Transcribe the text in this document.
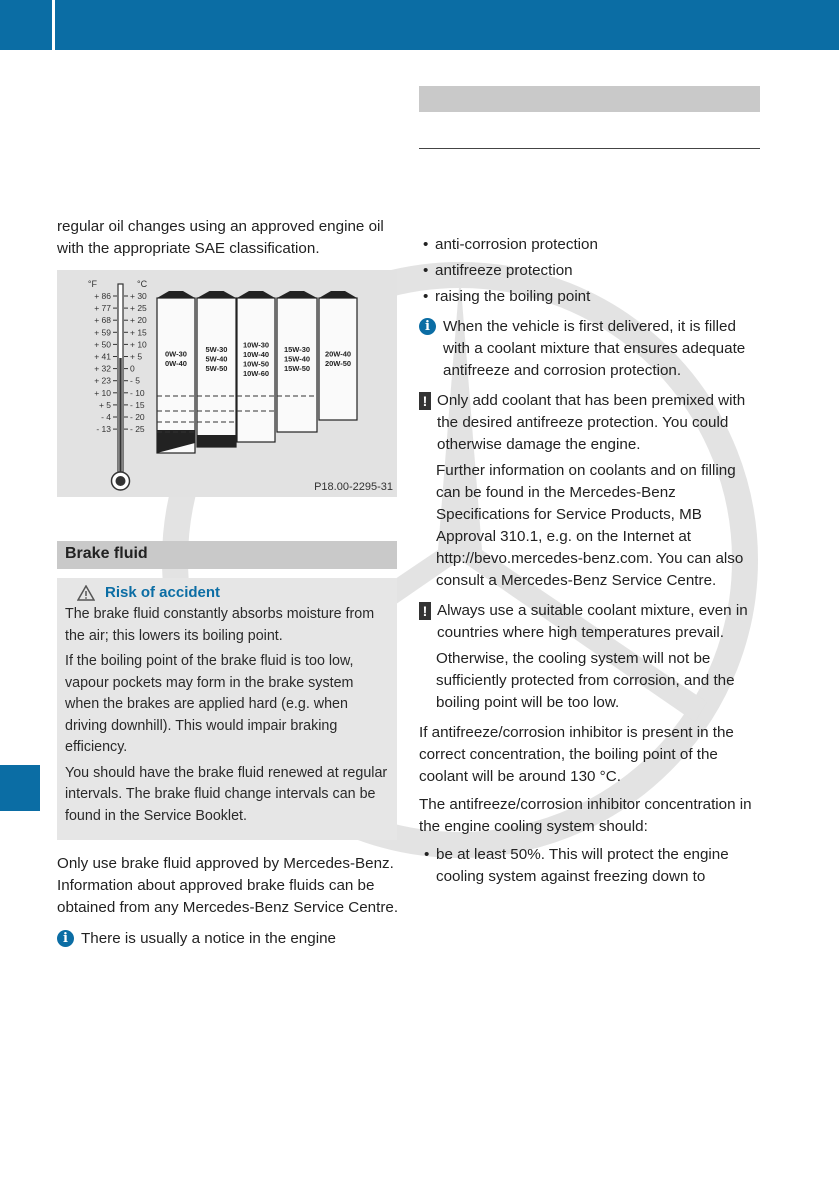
regular oil changes using an approved engine oil with the appropriate SAE classification.

°F	°C
+ 86
+ 77
+ 68
+ 59
+ 50
+ 41
+ 32
+ 23
+ 10
+ 5
- 4
- 13
+ 30
+ 25
+ 20
+ 15
+ 10
+ 5
0
- 5
- 10
- 15
- 20
- 25
0W-30
0W-40
5W-30
5W-40
5W-50
10W-30
10W-40
10W-50
10W-60
15W-30
15W-40
15W-50
20W-40
20W-50
P18.00-2295-31
Brake fluid
Risk of accident

The brake fluid constantly absorbs moisture from the air; this lowers its boiling point.

If the boiling point of the brake fluid is too low, vapour pockets may form in the brake system when the brakes are applied hard (e.g. when driving downhill). This would impair braking efficiency.

You should have the brake fluid renewed at regular intervals. The brake fluid change intervals can be found in the Service Booklet.

Only use brake fluid approved by Mercedes-Benz. Information about approved brake fluids can be obtained from any Mercedes-Benz Service Centre.

i There is usually a notice in the engine
• anti-corrosion protection
• antifreeze protection
• raising the boiling point
i When the vehicle is first delivered, it is filled with a coolant mixture that ensures adequate antifreeze and corrosion protection.
! Only add coolant that has been premixed with the desired antifreeze protection. You could otherwise damage the engine.
Further information on coolants and on filling can be found in the Mercedes-Benz Specifications for Service Products, MB Approval 310.1, e.g. on the Internet at http://bevo.mercedes-benz.com. You can also consult a Mercedes-Benz Service Centre.
! Always use a suitable coolant mixture, even in countries where high temperatures prevail.
Otherwise, the cooling system will not be sufficiently protected from corrosion, and the boiling point will be too low.

If antifreeze/corrosion inhibitor is present in the correct concentration, the boiling point of the coolant will be around 130 °C.

The antifreeze/corrosion inhibitor concentration in the engine cooling system should:

• be at least 50%. This will protect the engine cooling system against freezing down to
